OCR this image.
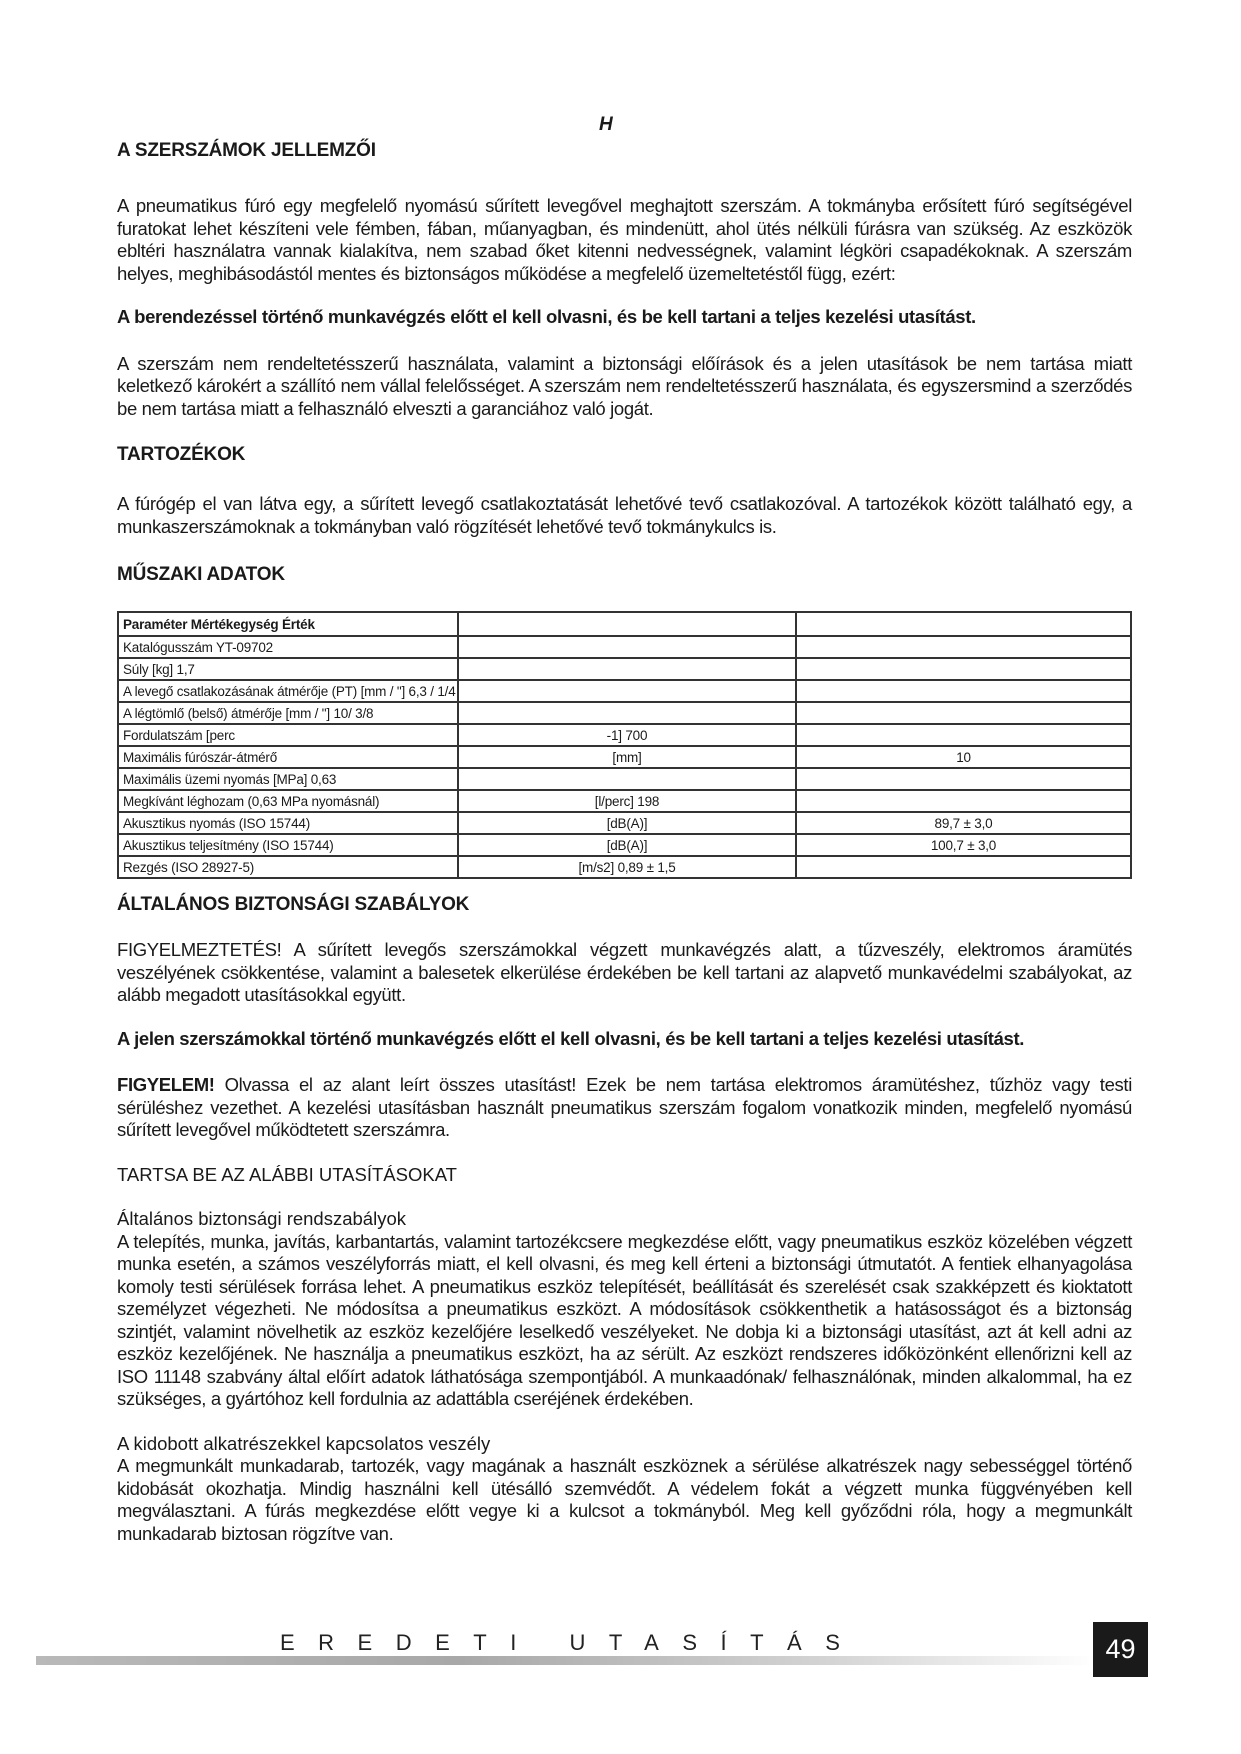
H
A SZERSZÁMOK JELLEMZŐI

A pneumatikus fúró egy megfelelő nyomású sűrített levegővel meghajtott szerszám. A tokmányba erősített fúró segítségével furatokat lehet készíteni vele fémben, fában, műanyagban, és mindenütt, ahol ütés nélküli fúrásra van szükség. Az eszközök ebltéri használatra vannak kialakítva, nem szabad őket kitenni nedvességnek, valamint légköri csapadékoknak. A szerszám helyes, meghibásodástól mentes és biztonságos működése a megfelelő üzemeltetéstől függ, ezért:

A berendezéssel történő munkavégzés előtt el kell olvasni, és be kell tartani a teljes kezelési utasítást.

A szerszám nem rendeltetésszerű használata, valamint a biztonsági előírások és a jelen utasítások be nem tartása miatt keletkező károkért a szállító nem vállal felelősséget. A szerszám nem rendeltetésszerű használata, és egyszersmind a szerződés be nem tartása miatt a felhasználó elveszti a garanciához való jogát.

TARTOZÉKOK

A fúrógép el van látva egy, a sűrített levegő csatlakoztatását lehetővé tevő csatlakozóval. A tartozékok között található egy, a munkaszerszámoknak a tokmányban való rögzítését lehetővé tevő tokmánykulcs is.

MŰSZAKI ADATOK
Paraméter Mértékegység Érték		
Katalógusszám YT-09702		
Súly [kg] 1,7		
A levegő csatlakozásának átmérője (PT) [mm / "] 6,3 / 1/4		
A légtömlő (belső) átmérője [mm / "] 10/ 3/8		
Fordulatszám [perc	-1] 700	
Maximális fúrószár-átmérő	[mm]	10
Maximális üzemi nyomás [MPa] 0,63		
Megkívánt léghozam (0,63 MPa nyomásnál)	[l/perc] 198	
Akusztikus nyomás (ISO 15744)	[dB(A)]	89,7 ± 3,0
Akusztikus teljesítmény (ISO 15744)	[dB(A)]	100,7 ± 3,0
Rezgés (ISO 28927-5)	[m/s2] 0,89 ± 1,5	
ÁLTALÁNOS BIZTONSÁGI SZABÁLYOK

FIGYELMEZTETÉS! A sűrített levegős szerszámokkal végzett munkavégzés alatt, a tűzveszély, elektromos áramütés veszélyének csökkentése, valamint a balesetek elkerülése érdekében be kell tartani az alapvető munkavédelmi szabályokat, az alább megadott utasításokkal együtt.

A jelen szerszámokkal történő munkavégzés előtt el kell olvasni, és be kell tartani a teljes kezelési utasítást.

FIGYELEM! Olvassa el az alant leírt összes utasítást! Ezek be nem tartása elektromos áramütéshez, tűzhöz vagy testi sérüléshez vezethet. A kezelési utasításban használt pneumatikus szerszám fogalom vonatkozik minden, megfelelő nyomású sűrített levegővel működtetett szerszámra.

TARTSA BE AZ ALÁBBI UTASÍTÁSOKAT
Általános biztonsági rendszabályok

A telepítés, munka, javítás, karbantartás, valamint tartozékcsere megkezdése előtt, vagy pneumatikus eszköz közelében végzett munka esetén, a számos veszélyforrás miatt, el kell olvasni, és meg kell érteni a biztonsági útmutatót. A fentiek elhanyagolása komoly testi sérülések forrása lehet. A pneumatikus eszköz telepítését, beállítását és szerelését csak szakképzett és kioktatott személyzet végezheti. Ne módosítsa a pneumatikus eszközt. A módosítások csökkenthetik a hatásosságot és a biztonság szintjét, valamint növelhetik az eszköz kezelőjére leselkedő veszélyeket. Ne dobja ki a biztonsági utasítást, azt át kell adni az eszköz kezelőjének. Ne használja a pneumatikus eszközt, ha az sérült. Az eszközt rendszeres időközönként ellenőrizni kell az ISO 11148 szabvány által előírt adatok láthatósága szempontjából. A munkaadónak/ felhasználónak, minden alkalommal, ha ez szükséges, a gyártóhoz kell fordulnia az adattábla cseréjének érdekében.

A kidobott alkatrészekkel kapcsolatos veszély

A megmunkált munkadarab, tartozék, vagy magának a használt eszköznek a sérülése alkatrészek nagy sebességgel történő kidobását okozhatja. Mindig használni kell ütésálló szemvédőt. A védelem fokát a végzett munka függvényében kell megválasztani. A fúrás megkezdése előtt vegye ki a kulcsot a tokmányból. Meg kell győződni róla, hogy a megmunkált munkadarab biztosan rögzítve van.

EREDETI UTASÍTÁS	49
